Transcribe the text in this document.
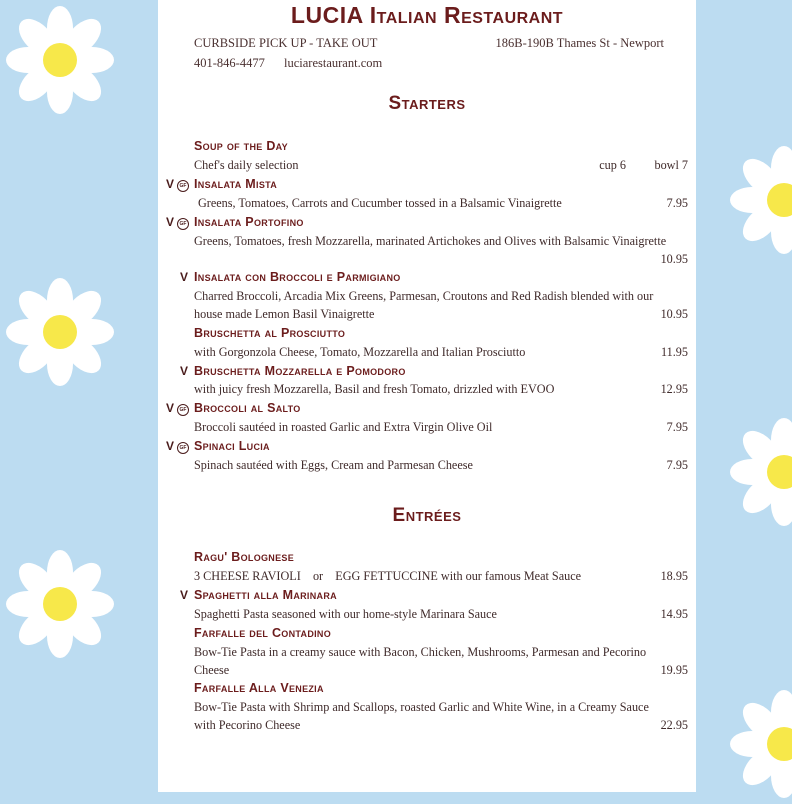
LUCIA Italian Restaurant
CURBSIDE PICK UP - TAKE OUT	186B-190B Thames St - Newport
401-846-4477 luciarestaurant.com
Starters
Soup of the Day
Chef's daily selection	cup 6 bowl 7
V GF Insalata Mista
Greens, Tomatoes, Carrots and Cucumber tossed in a Balsamic Vinaigrette	7.95
V GF Insalata Portofino
Greens, Tomatoes, fresh Mozzarella, marinated Artichokes and Olives with Balsamic Vinaigrette
10.95
V Insalata con Broccoli e Parmigiano
Charred Broccoli, Arcadia Mix Greens, Parmesan, Croutons and Red Radish blended with our
house made Lemon Basil Vinaigrette	10.95
Bruschetta al Prosciutto
with Gorgonzola Cheese, Tomato, Mozzarella and Italian Prosciutto	11.95
V Bruschetta Mozzarella e Pomodoro
with juicy fresh Mozzarella, Basil and fresh Tomato, drizzled with EVOO	12.95
V GF Broccoli al Salto
Broccoli sautéed in roasted Garlic and Extra Virgin Olive Oil	7.95
V GF Spinaci Lucia
Spinach sautéed with Eggs, Cream and Parmesan Cheese	7.95
Entrées
Ragu' Bolognese
3 CHEESE RAVIOLI    or    EGG FETTUCCINE with our famous Meat Sauce	18.95
V Spaghetti alla Marinara
Spaghetti Pasta seasoned with our home-style Marinara Sauce	14.95
Farfalle del Contadino
Bow-Tie Pasta in a creamy sauce with Bacon, Chicken, Mushrooms, Parmesan and Pecorino
Cheese	19.95
Farfalle Alla Venezia
Bow-Tie Pasta with Shrimp and Scallops, roasted Garlic and White Wine, in a Creamy Sauce
with Pecorino Cheese	22.95
